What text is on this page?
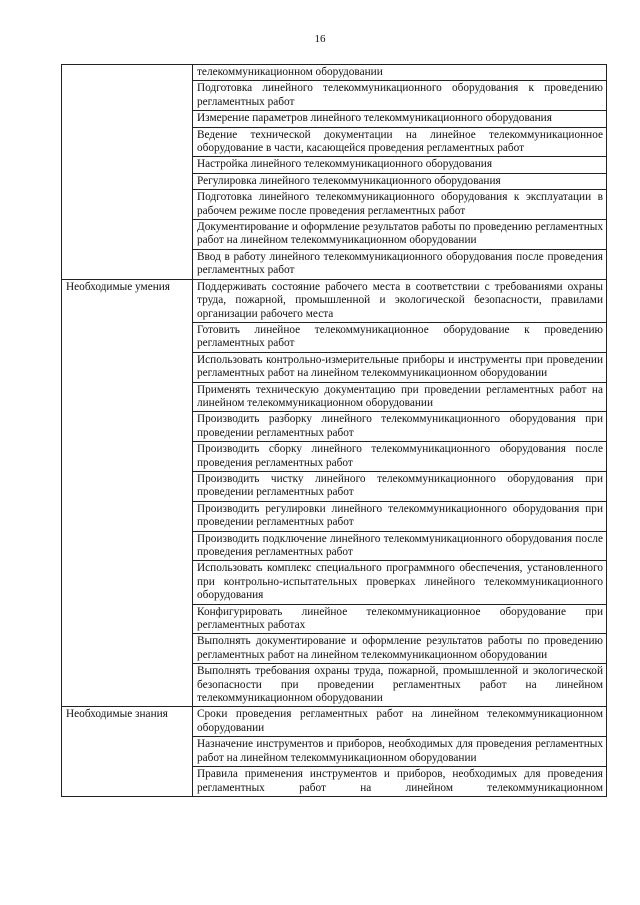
16
	телекоммуникационном оборудовании
	Подготовка линейного телекоммуникационного оборудования к проведению регламентных работ
	Измерение параметров линейного телекоммуникационного оборудования
	Ведение технической документации на линейное телекоммуникационное оборудование в части, касающейся проведения регламентных работ
	Настройка линейного телекоммуникационного оборудования
	Регулировка линейного телекоммуникационного оборудования
	Подготовка линейного телекоммуникационного оборудования к эксплуатации в рабочем режиме после проведения регламентных работ
	Документирование и оформление результатов работы по проведению регламентных работ на линейном телекоммуникационном оборудовании
	Ввод в работу линейного телекоммуникационного оборудования после проведения регламентных работ
Необходимые умения	Поддерживать состояние рабочего места в соответствии с требованиями охраны труда, пожарной, промышленной и экологической безопасности, правилами организации рабочего места
	Готовить линейное телекоммуникационное оборудование к проведению регламентных работ
	Использовать контрольно-измерительные приборы и инструменты при проведении регламентных работ на линейном телекоммуникационном оборудовании
	Применять техническую документацию при проведении регламентных работ на линейном телекоммуникационном оборудовании
	Производить разборку линейного телекоммуникационного оборудования при проведении регламентных работ
	Производить сборку линейного телекоммуникационного оборудования после проведения регламентных работ
	Производить чистку линейного телекоммуникационного оборудования при проведении регламентных работ
	Производить регулировки линейного телекоммуникационного оборудования при проведении регламентных работ
	Производить подключение линейного телекоммуникационного оборудования после проведения регламентных работ
	Использовать комплекс специального программного обеспечения, установленного при контрольно-испытательных проверках линейного телекоммуникационного оборудования
	Конфигурировать линейное телекоммуникационное оборудование при регламентных работах
	Выполнять документирование и оформление результатов работы по проведению регламентных работ на линейном телекоммуникационном оборудовании
	Выполнять требования охраны труда, пожарной, промышленной и экологической безопасности при проведении регламентных работ на линейном телекоммуникационном оборудовании
Необходимые знания	Сроки проведения регламентных работ на линейном телекоммуникационном оборудовании
	Назначение инструментов и приборов, необходимых для проведения регламентных работ на линейном телекоммуникационном оборудовании
	Правила применения инструментов и приборов, необходимых для проведения регламентных работ на линейном телекоммуникационном
